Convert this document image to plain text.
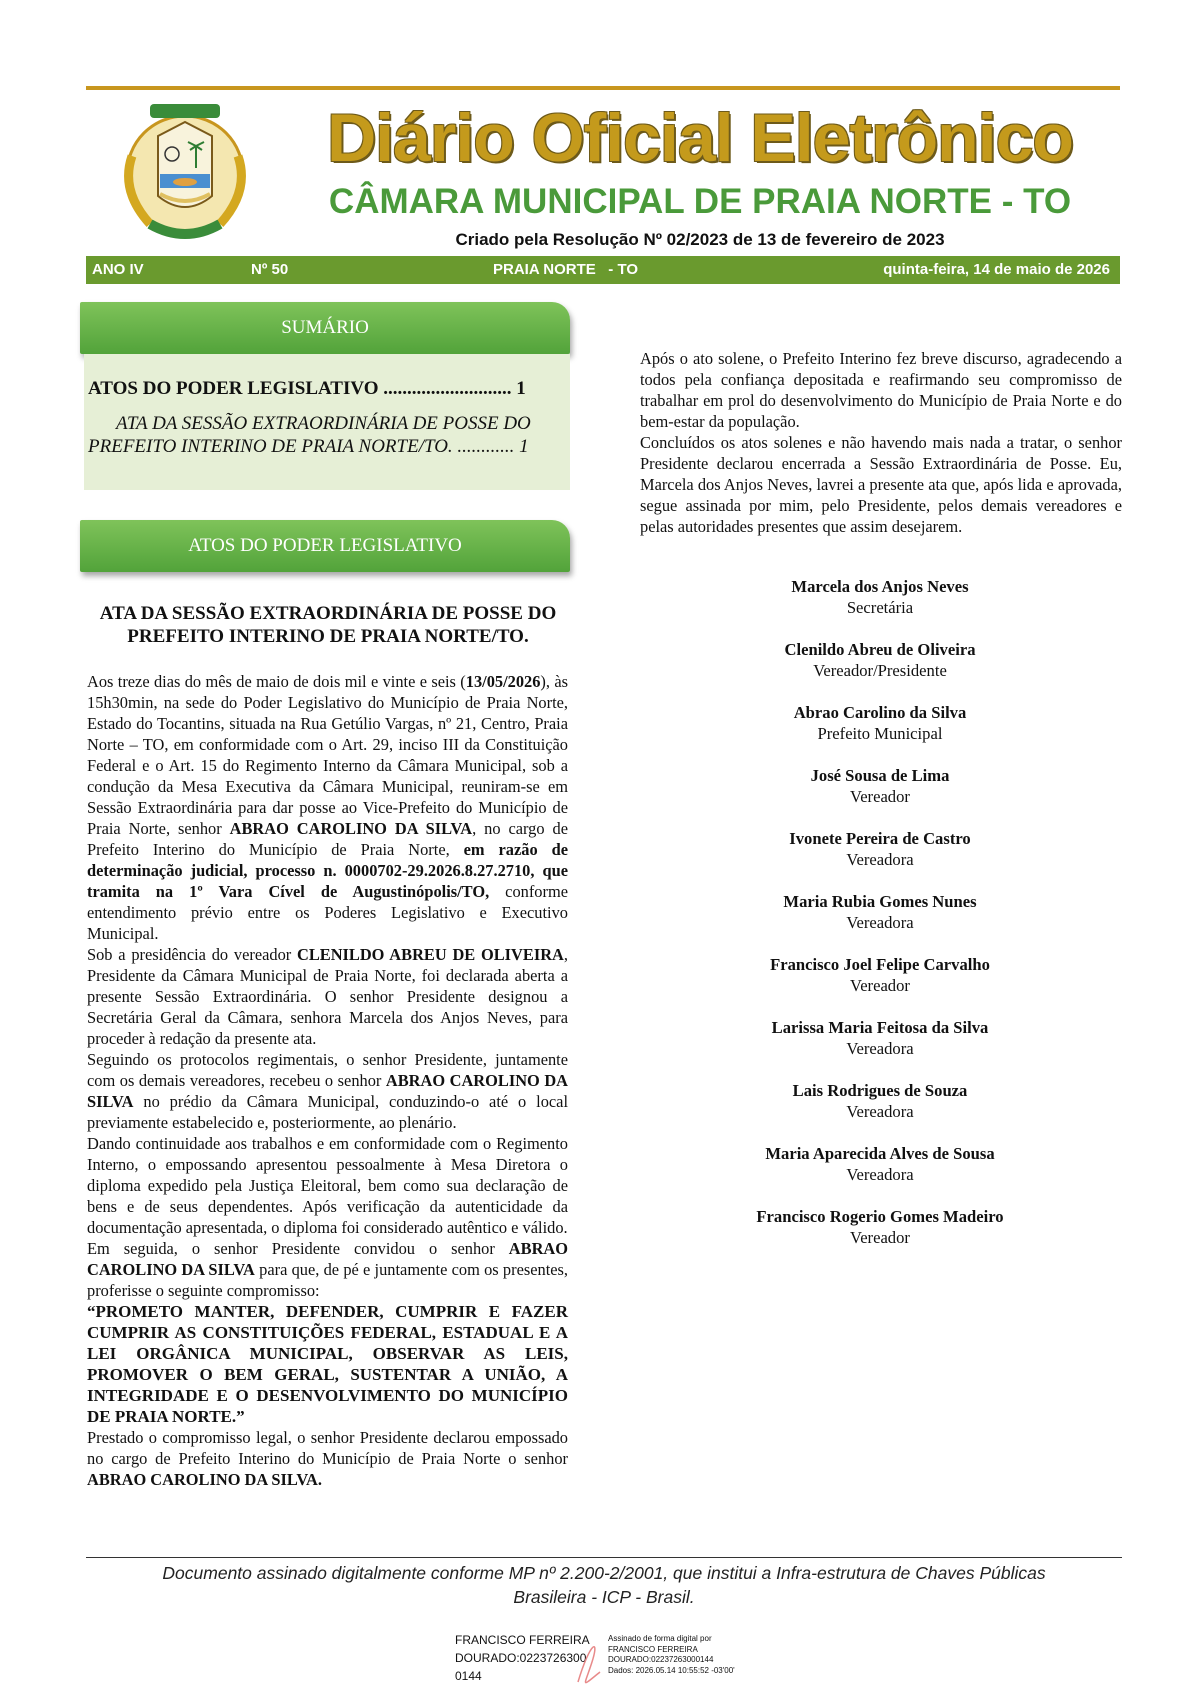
Diário Oficial Eletrônico
CÂMARA MUNICIPAL DE PRAIA NORTE - TO
Criado pela Resolução Nº 02/2023 de 13 de fevereiro de 2023
ANO IV	Nº 50	PRAIA NORTE   - TO	quinta-feira, 14 de maio de 2026
SUMÁRIO
ATOS DO PODER LEGISLATIVO ........................... 1
ATA DA SESSÃO EXTRAORDINÁRIA DE POSSE DO PREFEITO INTERINO DE PRAIA NORTE/TO. ............ 1
ATOS DO PODER LEGISLATIVO
ATA DA SESSÃO EXTRAORDINÁRIA DE POSSE DO PREFEITO INTERINO DE PRAIA NORTE/TO.

Aos treze dias do mês de maio de dois mil e vinte e seis (13/05/2026), às 15h30min, na sede do Poder Legislativo do Município de Praia Norte, Estado do Tocantins, situada na Rua Getúlio Vargas, nº 21, Centro, Praia Norte – TO, em conformidade com o Art. 29, inciso III da Constituição Federal e o Art. 15 do Regimento Interno da Câmara Municipal, sob a condução da Mesa Executiva da Câmara Municipal, reuniram-se em Sessão Extraordinária para dar posse ao Vice-Prefeito do Município de Praia Norte, senhor ABRAO CAROLINO DA SILVA, no cargo de Prefeito Interino do Município de Praia Norte, em razão de determinação judicial, processo n. 0000702-29.2026.8.27.2710, que tramita na 1º Vara Cível de Augustinópolis/TO, conforme entendimento prévio entre os Poderes Legislativo e Executivo Municipal.

Sob a presidência do vereador CLENILDO ABREU DE OLIVEIRA, Presidente da Câmara Municipal de Praia Norte, foi declarada aberta a presente Sessão Extraordinária. O senhor Presidente designou a Secretária Geral da Câmara, senhora Marcela dos Anjos Neves, para proceder à redação da presente ata.

Seguindo os protocolos regimentais, o senhor Presidente, juntamente com os demais vereadores, recebeu o senhor ABRAO CAROLINO DA SILVA no prédio da Câmara Municipal, conduzindo-o até o local previamente estabelecido e, posteriormente, ao plenário.

Dando continuidade aos trabalhos e em conformidade com o Regimento Interno, o empossando apresentou pessoalmente à Mesa Diretora o diploma expedido pela Justiça Eleitoral, bem como sua declaração de bens e de seus dependentes. Após verificação da autenticidade da documentação apresentada, o diploma foi considerado autêntico e válido.

Em seguida, o senhor Presidente convidou o senhor ABRAO CAROLINO DA SILVA para que, de pé e juntamente com os presentes, proferisse o seguinte compromisso:

“PROMETO MANTER, DEFENDER, CUMPRIR E FAZER CUMPRIR AS CONSTITUIÇÕES FEDERAL, ESTADUAL E A LEI ORGÂNICA MUNICIPAL, OBSERVAR AS LEIS, PROMOVER O BEM GERAL, SUSTENTAR A UNIÃO, A INTEGRIDADE E O DESENVOLVIMENTO DO MUNICÍPIO DE PRAIA NORTE.”

Prestado o compromisso legal, o senhor Presidente declarou empossado no cargo de Prefeito Interino do Município de Praia Norte o senhor ABRAO CAROLINO DA SILVA.

Após o ato solene, o Prefeito Interino fez breve discurso, agradecendo a todos pela confiança depositada e reafirmando seu compromisso de trabalhar em prol do desenvolvimento do Município de Praia Norte e do bem-estar da população.

Concluídos os atos solenes e não havendo mais nada a tratar, o senhor Presidente declarou encerrada a Sessão Extraordinária de Posse. Eu, Marcela dos Anjos Neves, lavrei a presente ata que, após lida e aprovada, segue assinada por mim, pelo Presidente, pelos demais vereadores e pelas autoridades presentes que assim desejarem.

Marcela dos Anjos Neves
Secretária
Clenildo Abreu de Oliveira
Vereador/Presidente
Abrao Carolino da Silva
Prefeito Municipal
José Sousa de Lima
Vereador
Ivonete Pereira de Castro
Vereadora
Maria Rubia Gomes Nunes
Vereadora
Francisco Joel Felipe Carvalho
Vereador
Larissa Maria Feitosa da Silva
Vereadora
Lais Rodrigues de Souza
Vereadora
Maria Aparecida Alves de Sousa
Vereadora
Francisco Rogerio Gomes Madeiro
Vereador
Documento assinado digitalmente conforme MP nº 2.200-2/2001, que institui a Infra-estrutura de Chaves Públicas
Brasileira - ICP - Brasil.
FRANCISCO FERREIRA
DOURADO:0223726300
0144
Assinado de forma digital por
FRANCISCO FERREIRA
DOURADO:02237263000144
Dados: 2026.05.14 10:55:52 -03'00'
